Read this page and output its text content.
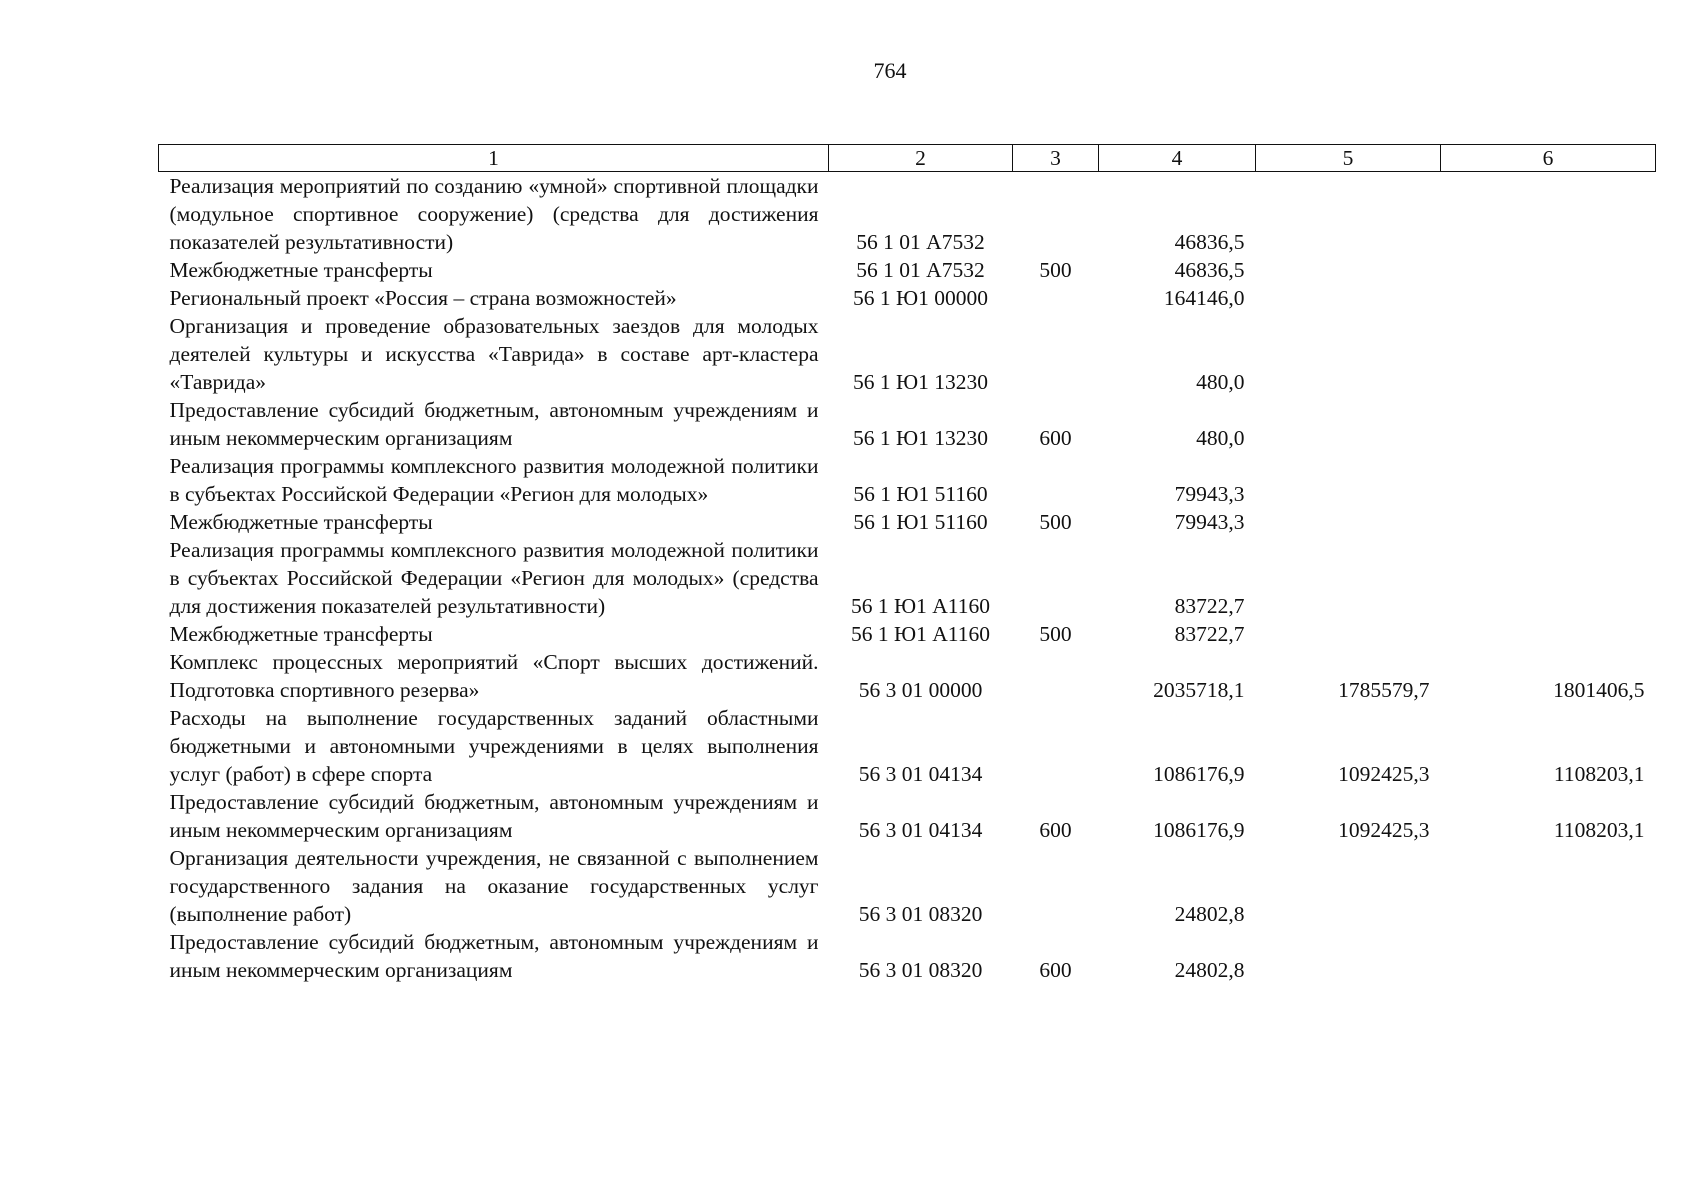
764
1	2	3	4	5	6
Реализация мероприятий по созданию «умной» спортивной площадки (модульное спортивное сооружение) (средства для достижения показателей результативности)	56 1 01 А7532		46836,5		
Межбюджетные трансферты	56 1 01 А7532	500	46836,5		
Региональный проект «Россия – страна возможностей»	56 1 Ю1 00000		164146,0		
Организация и проведение образовательных заездов для молодых деятелей культуры и искусства «Таврида» в составе арт-кластера «Таврида»	56 1 Ю1 13230		480,0		
Предоставление субсидий бюджетным, автономным учреждениям и иным некоммерческим организациям	56 1 Ю1 13230	600	480,0		
Реализация программы комплексного развития молодежной политики в субъектах Российской Федерации «Регион для молодых»	56 1 Ю1 51160		79943,3		
Межбюджетные трансферты	56 1 Ю1 51160	500	79943,3		
Реализация программы комплексного развития молодежной политики в субъектах Российской Федерации «Регион для молодых» (средства для достижения показателей результативности)	56 1 Ю1 А1160		83722,7		
Межбюджетные трансферты	56 1 Ю1 А1160	500	83722,7		
Комплекс процессных мероприятий «Спорт высших достижений. Подготовка спортивного резерва»	56 3 01 00000		2035718,1	1785579,7	1801406,5
Расходы на выполнение государственных заданий областными бюджетными и автономными учреждениями в целях выполнения услуг (работ) в сфере спорта	56 3 01 04134		1086176,9	1092425,3	1108203,1
Предоставление субсидий бюджетным, автономным учреждениям и иным некоммерческим организациям	56 3 01 04134	600	1086176,9	1092425,3	1108203,1
Организация деятельности учреждения, не связанной с выполнением государственного задания на оказание государственных услуг (выполнение работ)	56 3 01 08320		24802,8		
Предоставление субсидий бюджетным, автономным учреждениям и иным некоммерческим организациям	56 3 01 08320	600	24802,8		
